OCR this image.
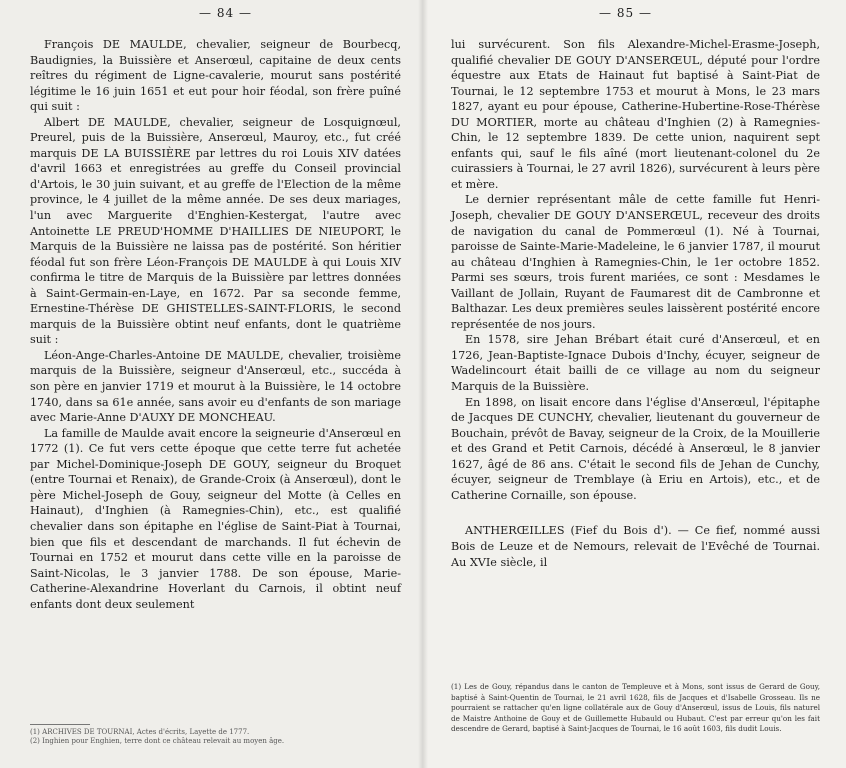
— 84 —

François DE MAULDE, chevalier, seigneur de Bourbecq, Baudignies, la Buissière et Anserœul, capitaine de deux cents reîtres du régiment de Ligne-cavalerie, mourut sans postérité légitime le 16 juin 1651 et eut pour hoir féodal, son frère puîné qui suit :

Albert DE MAULDE, chevalier, seigneur de Losquignœul, Preurel, puis de la Buissière, Anserœul, Mauroy, etc., fut créé marquis DE LA BUISSIÈRE par lettres du roi Louis XIV datées d'avril 1663 et enregistrées au greffe du Conseil provincial d'Artois, le 30 juin suivant, et au greffe de l'Election de la même province, le 4 juillet de la même année. De ses deux mariages, l'un avec Marguerite d'Enghien-Kestergat, l'autre avec Antoinette LE PREUD'HOMME D'HAILLIES DE NIEUPORT, le Marquis de la Buissière ne laissa pas de postérité. Son héritier féodal fut son frère Léon-François DE MAULDE à qui Louis XIV confirma le titre de Marquis de la Buissière par lettres données à Saint-Germain-en-Laye, en 1672. Par sa seconde femme, Ernestine-Thérèse DE GHISTELLES-SAINT-FLORIS, le second marquis de la Buissière obtint neuf enfants, dont le quatrième suit :

Léon-Ange-Charles-Antoine DE MAULDE, chevalier, troisième marquis de la Buissière, seigneur d'Anserœul, etc., succéda à son père en janvier 1719 et mourut à la Buissière, le 14 octobre 1740, dans sa 61e année, sans avoir eu d'enfants de son mariage avec Marie-Anne D'AUXY DE MONCHEAU.

La famille de Maulde avait encore la seigneurie d'Anserœul en 1772 (1). Ce fut vers cette époque que cette terre fut achetée par Michel-Dominique-Joseph DE GOUY, seigneur du Broquet (entre Tournai et Renaix), de Grande-Croix (à Anserœul), dont le père Michel-Joseph de Gouy, seigneur del Motte (à Celles en Hainaut), d'Inghien (à Ramegnies-Chin), etc., est qualifié chevalier dans son épitaphe en l'église de Saint-Piat à Tournai, bien que fils et descendant de marchands. Il fut échevin de Tournai en 1752 et mourut dans cette ville en la paroisse de Saint-Nicolas, le 3 janvier 1788. De son épouse, Marie-Catherine-Alexandrine Hoverlant du Carnois, il obtint neuf enfants dont deux seulement

(1) ARCHIVES DE TOURNAI, Actes d'écrits, Layette de 1777.

(2) Inghien pour Enghien, terre dont ce château relevait au moyen âge.

— 85 —

lui survécurent. Son fils Alexandre-Michel-Erasme-Joseph, qualifié chevalier DE GOUY D'ANSERŒUL, député pour l'ordre équestre aux Etats de Hainaut fut baptisé à Saint-Piat de Tournai, le 12 septembre 1753 et mourut à Mons, le 23 mars 1827, ayant eu pour épouse, Catherine-Hubertine-Rose-Thérèse DU MORTIER, morte au château d'Inghien (2) à Ramegnies-Chin, le 12 septembre 1839. De cette union, naquirent sept enfants qui, sauf le fils aîné (mort lieutenant-colonel du 2e cuirassiers à Tournai, le 27 avril 1826), survécurent à leurs père et mère.

Le dernier représentant mâle de cette famille fut Henri-Joseph, chevalier DE GOUY D'ANSERŒUL, receveur des droits de navigation du canal de Pommerœul (1). Né à Tournai, paroisse de Sainte-Marie-Madeleine, le 6 janvier 1787, il mourut au château d'Inghien à Ramegnies-Chin, le 1er octobre 1852. Parmi ses sœurs, trois furent mariées, ce sont : Mesdames le Vaillant de Jollain, Ruyant de Faumarest dit de Cambronne et Balthazar. Les deux premières seules laissèrent postérité encore représentée de nos jours.

En 1578, sire Jehan Brébart était curé d'Anserœul, et en 1726, Jean-Baptiste-Ignace Dubois d'Inchy, écuyer, seigneur de Wadelincourt était bailli de ce village au nom du seigneur Marquis de la Buissière.

En 1898, on lisait encore dans l'église d'Anserœul, l'épitaphe de Jacques DE CUNCHY, chevalier, lieutenant du gouverneur de Bouchain, prévôt de Bavay, seigneur de la Croix, de la Mouillerie et des Grand et Petit Carnois, décédé à Anserœul, le 8 janvier 1627, âgé de 86 ans. C'était le second fils de Jehan de Cunchy, écuyer, seigneur de Tremblaye (à Eriu en Artois), etc., et de Catherine Cornaille, son épouse.

ANTHERŒILLES (Fief du Bois d'). — Ce fief, nommé aussi Bois de Leuze et de Nemours, relevait de l'Evêché de Tournai. Au XVIe siècle, il

(1) Les de Gouy, répandus dans le canton de Templeuve et à Mons, sont issus de Gerard de Gouy, baptisé à Saint-Quentin de Tournai, le 21 avril 1628, fils de Jacques et d'Isabelle Grosseau. Ils ne pourraient se rattacher qu'en ligne collatérale aux de Gouy d'Anserœul, issus de Louis, fils naturel de Maistre Anthoine de Gouy et de Guillemette Hubauld ou Hubaut. C'est par erreur qu'on les fait descendre de Gerard, baptisé à Saint-Jacques de Tournai, le 16 août 1603, fils dudit Louis.
